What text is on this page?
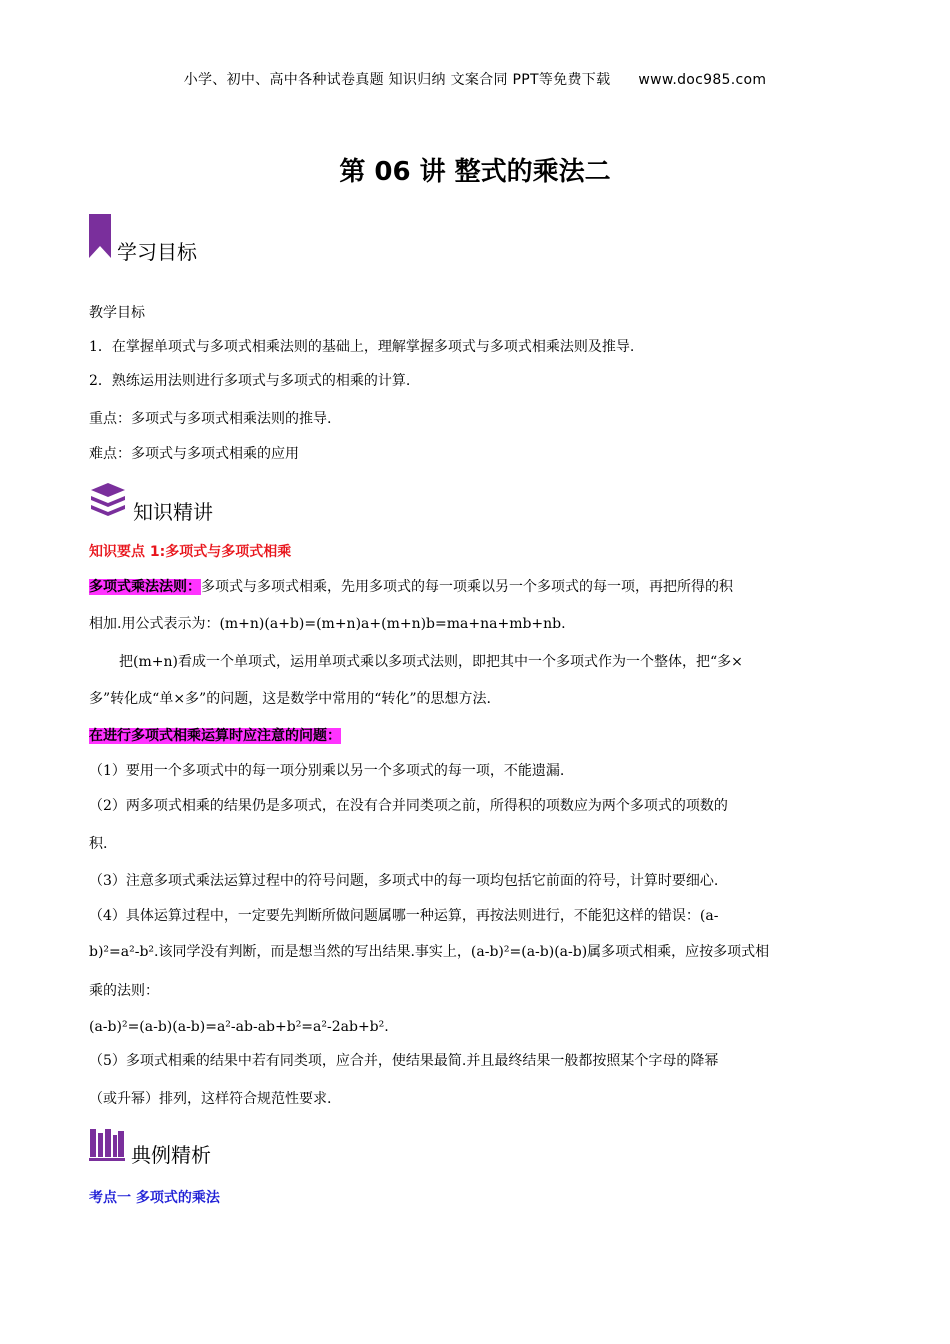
小学、初中、高中各种试卷真题 知识归纳 文案合同 PPT等免费下载 www.doc985.com
第 06 讲 整式的乘法二
学习目标
教学目标
1．在掌握单项式与多项式相乘法则的基础上，理解掌握多项式与多项式相乘法则及推导.
2．熟练运用法则进行多项式与多项式的相乘的计算.
重点：多项式与多项式相乘法则的推导.
难点：多项式与多项式相乘的应用
知识精讲
知识要点 1:多项式与多项式相乘
多项式乘法法则：多项式与多项式相乘，先用多项式的每一项乘以另一个多项式的每一项，再把所得的积
相加.用公式表示为：(m+n)(a+b)=(m+n)a+(m+n)b=ma+na+mb+nb.
把(m+n)看成一个单项式，运用单项式乘以多项式法则，即把其中一个多项式作为一个整体，把“多×
多”转化成“单×多”的问题，这是数学中常用的“转化”的思想方法.
在进行多项式相乘运算时应注意的问题：
（1）要用一个多项式中的每一项分别乘以另一个多项式的每一项，不能遗漏.
（2）两多项式相乘的结果仍是多项式，在没有合并同类项之前，所得积的项数应为两个多项式的项数的
积.
（3）注意多项式乘法运算过程中的符号问题，多项式中的每一项均包括它前面的符号，计算时要细心.
（4）具体运算过程中，一定要先判断所做问题属哪一种运算，再按法则进行，不能犯这样的错误：(a-
b)²=a²-b².该同学没有判断，而是想当然的写出结果.事实上，(a-b)²=(a-b)(a-b)属多项式相乘，应按多项式相
乘的法则：
(a-b)²=(a-b)(a-b)=a²-ab-ab+b²=a²-2ab+b².
（5）多项式相乘的结果中若有同类项，应合并，使结果最简.并且最终结果一般都按照某个字母的降幂
（或升幂）排列，这样符合规范性要求.
典例精析
考点一 多项式的乘法
